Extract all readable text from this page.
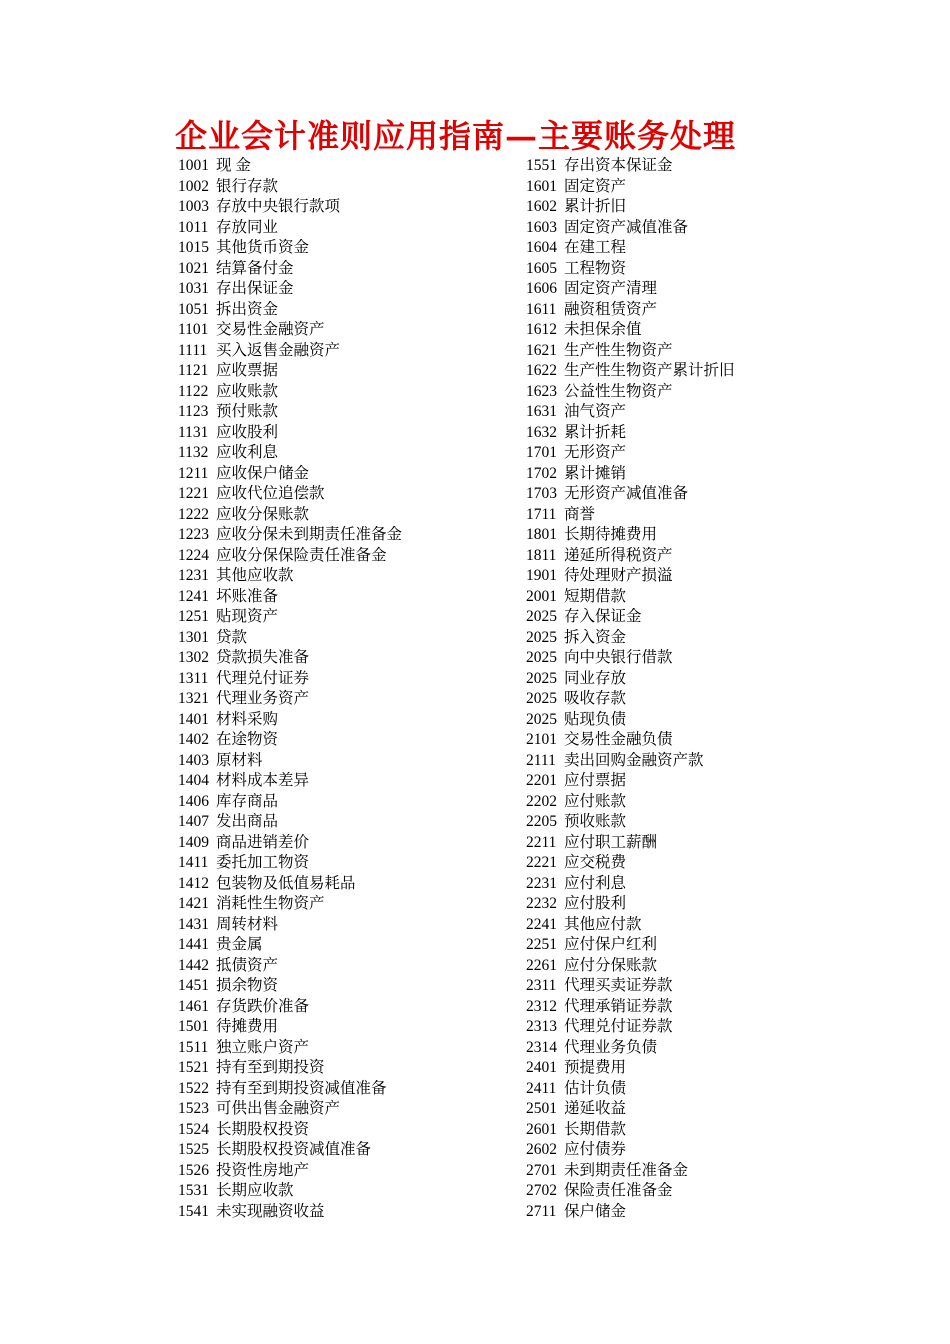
企业会计准则应用指南—主要账务处理
1001 现 金
1002 银行存款
1003 存放中央银行款项
1011 存放同业
1015 其他货币资金
1021 结算备付金
1031 存出保证金
1051 拆出资金
1101 交易性金融资产
1111 买入返售金融资产
1121 应收票据
1122 应收账款
1123 预付账款
1131 应收股利
1132 应收利息
1211 应收保户储金
1221 应收代位追偿款
1222 应收分保账款
1223 应收分保未到期责任准备金
1224 应收分保保险责任准备金
1231 其他应收款
1241 坏账准备
1251 贴现资产
1301 贷款
1302 贷款损失准备
1311 代理兑付证券
1321 代理业务资产
1401 材料采购
1402 在途物资
1403 原材料
1404 材料成本差异
1406 库存商品
1407 发出商品
1409 商品进销差价
1411 委托加工物资
1412 包装物及低值易耗品
1421 消耗性生物资产
1431 周转材料
1441 贵金属
1442 抵债资产
1451 损余物资
1461 存货跌价准备
1501 待摊费用
1511 独立账户资产
1521 持有至到期投资
1522 持有至到期投资减值准备
1523 可供出售金融资产
1524 长期股权投资
1525 长期股权投资减值准备
1526 投资性房地产
1531 长期应收款
1541 未实现融资收益
1551 存出资本保证金
1601 固定资产
1602 累计折旧
1603 固定资产减值准备
1604 在建工程
1605 工程物资
1606 固定资产清理
1611 融资租赁资产
1612 未担保余值
1621 生产性生物资产
1622 生产性生物资产累计折旧
1623 公益性生物资产
1631 油气资产
1632 累计折耗
1701 无形资产
1702 累计摊销
1703 无形资产减值准备
1711 商誉
1801 长期待摊费用
1811 递延所得税资产
1901 待处理财产损溢
2001 短期借款
2025 存入保证金
2025 拆入资金
2025 向中央银行借款
2025 同业存放
2025 吸收存款
2025 贴现负债
2101 交易性金融负债
2111 卖出回购金融资产款
2201 应付票据
2202 应付账款
2205 预收账款
2211 应付职工薪酬
2221 应交税费
2231 应付利息
2232 应付股利
2241 其他应付款
2251 应付保户红利
2261 应付分保账款
2311 代理买卖证券款
2312 代理承销证券款
2313 代理兑付证券款
2314 代理业务负债
2401 预提费用
2411 估计负债
2501 递延收益
2601 长期借款
2602 应付债券
2701 未到期责任准备金
2702 保险责任准备金
2711 保户储金
